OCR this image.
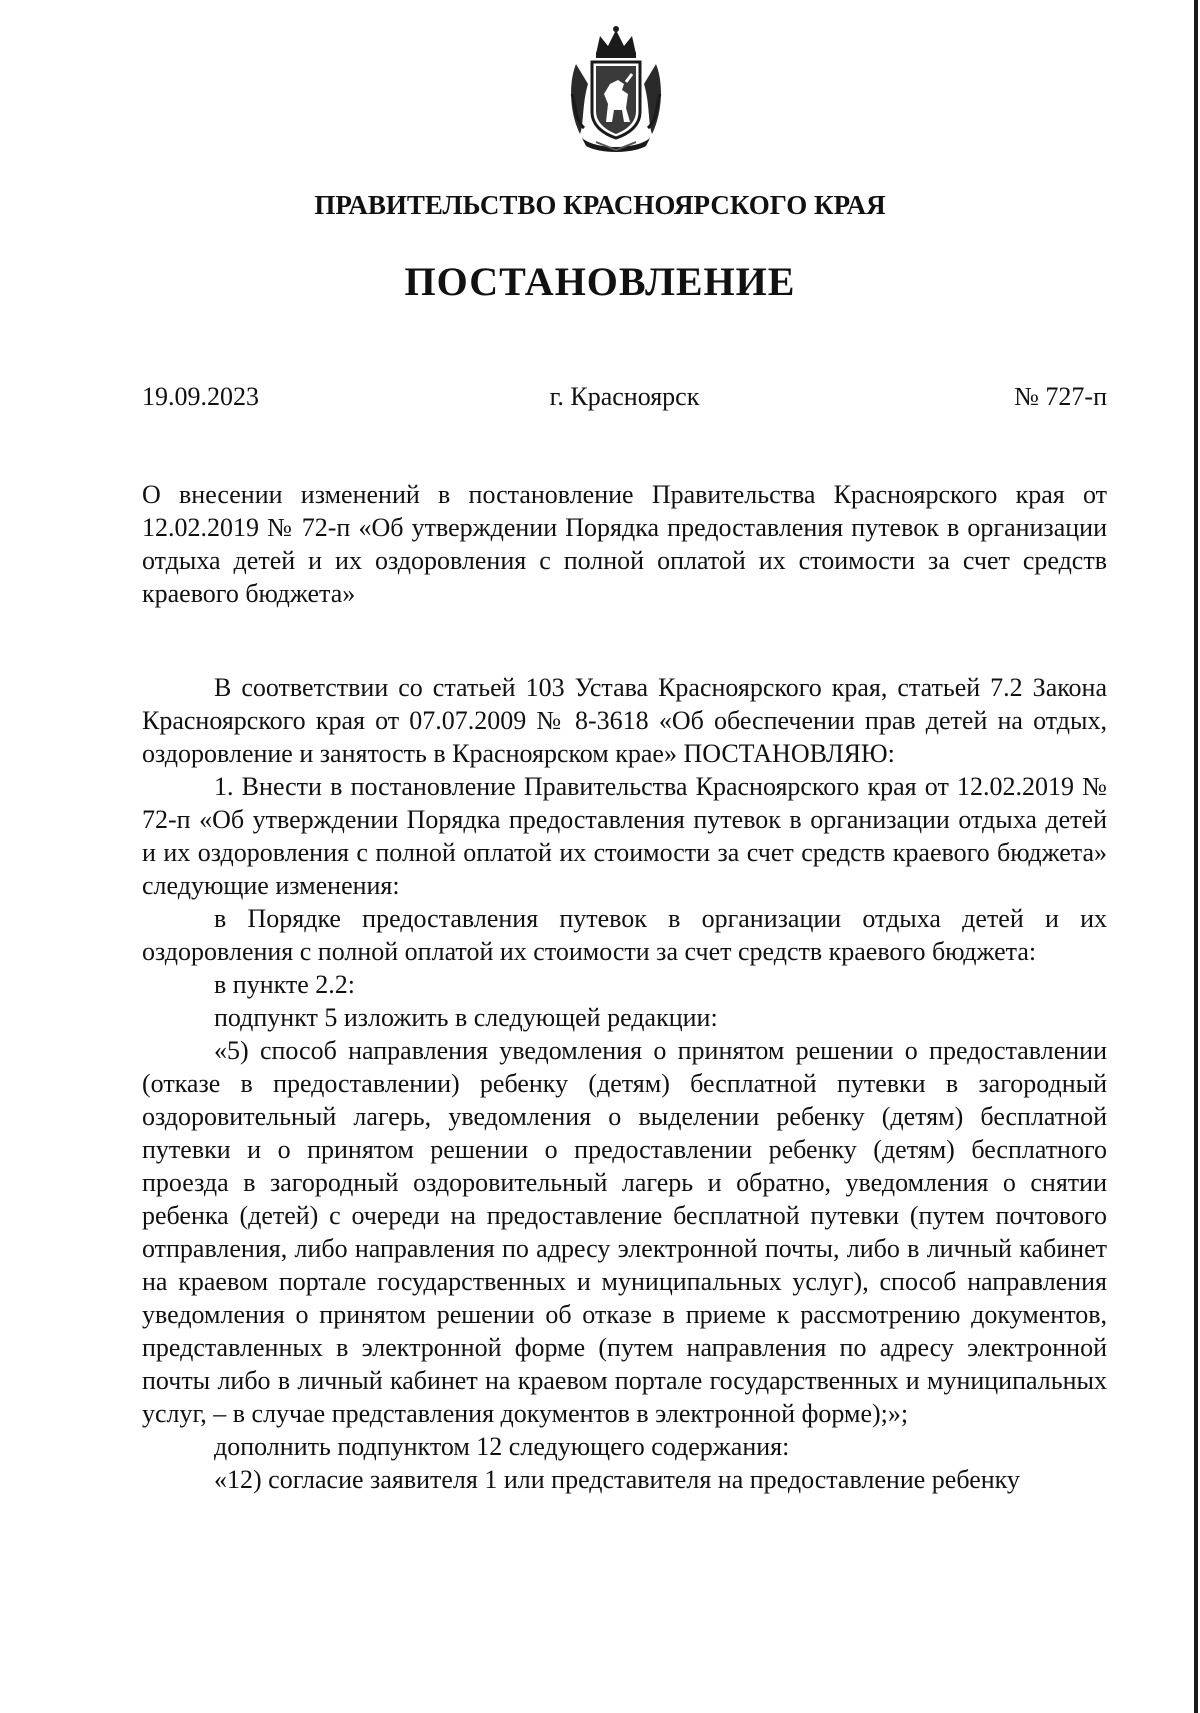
ПРАВИТЕЛЬСТВО КРАСНОЯРСКОГО КРАЯ
ПОСТАНОВЛЕНИЕ
г. Красноярск
19.09.2023	№ 727-п
О внесении изменений в постановление Правительства Красноярского края от 12.02.2019 № 72-п «Об утверждении Порядка предоставления путевок в организации отдыха детей и их оздоровления с полной оплатой их стоимости за счет средств краевого бюджета»

В соответствии со статьей 103 Устава Красноярского края, статьей 7.2 Закона Красноярского края от 07.07.2009 № 8-3618 «Об обеспечении прав детей на отдых, оздоровление и занятость в Красноярском крае» ПОСТАНОВЛЯЮ:

1. Внести в постановление Правительства Красноярского края от 12.02.2019 № 72-п «Об утверждении Порядка предоставления путевок в организации отдыха детей и их оздоровления с полной оплатой их стоимости за счет средств краевого бюджета» следующие изменения:

в Порядке предоставления путевок в организации отдыха детей и их оздоровления с полной оплатой их стоимости за счет средств краевого бюджета:

в пункте 2.2:

подпункт 5 изложить в следующей редакции:

«5) способ направления уведомления о принятом решении о предоставлении (отказе в предоставлении) ребенку (детям) бесплатной путевки в загородный оздоровительный лагерь, уведомления о выделении ребенку (детям) бесплатной путевки и о принятом решении о предоставлении ребенку (детям) бесплатного проезда в загородный оздоровительный лагерь и обратно, уведомления о снятии ребенка (детей) с очереди на предоставление бесплатной путевки (путем почтового отправления, либо направления по адресу электронной почты, либо в личный кабинет на краевом портале государственных и муниципальных услуг), способ направления уведомления о принятом решении об отказе в приеме к рассмотрению документов, представленных в электронной форме (путем направления по адресу электронной почты либо в личный кабинет на краевом портале государственных и муниципальных услуг, – в случае представления документов в электронной форме);»;

дополнить подпунктом 12 следующего содержания:

«12) согласие заявителя 1 или представителя на предоставление ребенку
